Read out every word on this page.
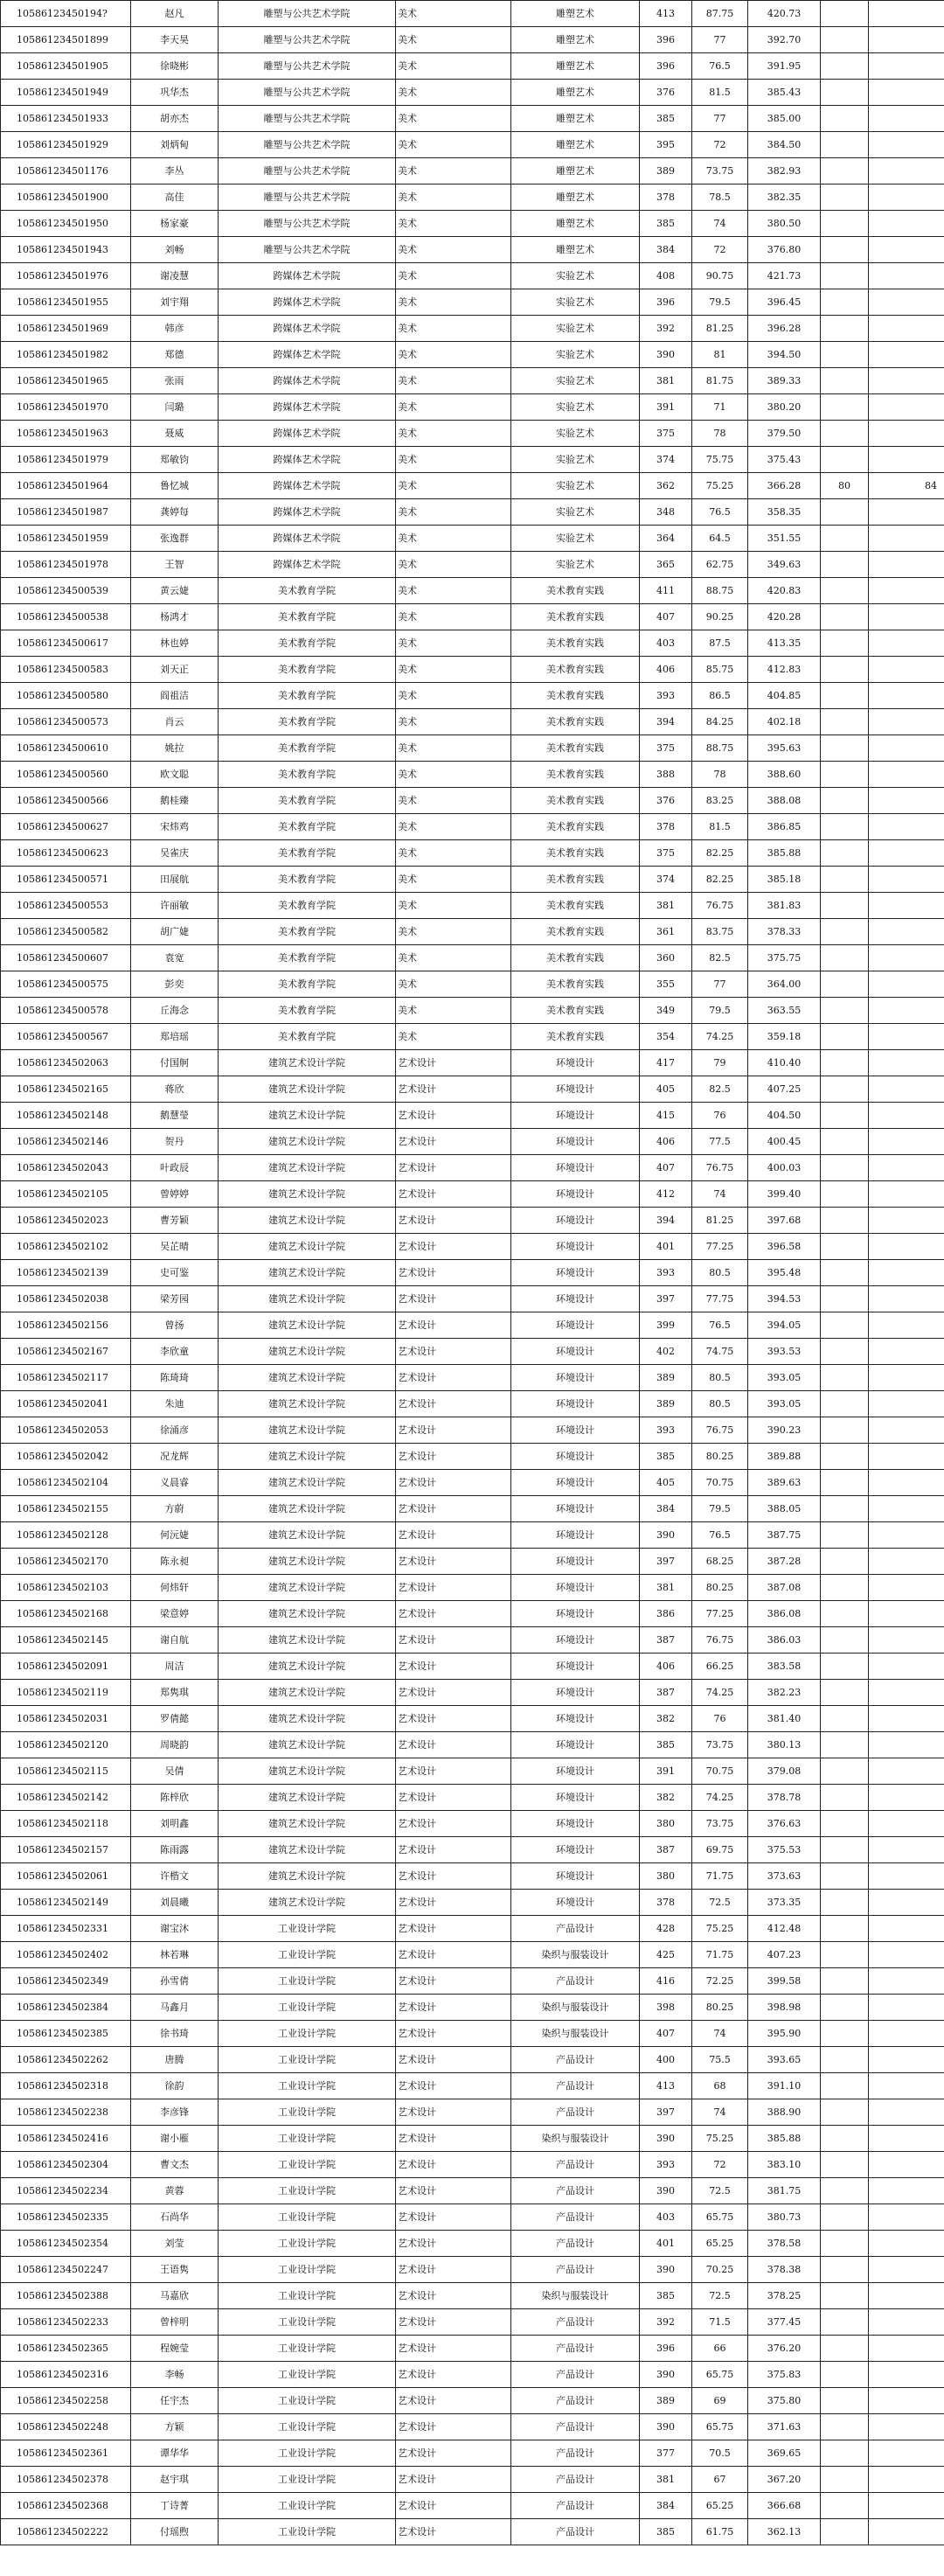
10586123450194?	赵凡	雕塑与公共艺术学院	美术	雕塑艺术	413	87.75	420.73		
105861234501899	李天昊	雕塑与公共艺术学院	美术	雕塑艺术	396	77	392.70		
105861234501905	徐晓彬	雕塑与公共艺术学院	美术	雕塑艺术	396	76.5	391.95		
105861234501949	巩华杰	雕塑与公共艺术学院	美术	雕塑艺术	376	81.5	385.43		
105861234501933	胡亦杰	雕塑与公共艺术学院	美术	雕塑艺术	385	77	385.00		
105861234501929	刘炳甸	雕塑与公共艺术学院	美术	雕塑艺术	395	72	384.50		
105861234501176	李丛	雕塑与公共艺术学院	美术	雕塑艺术	389	73.75	382.93		
105861234501900	高佳	雕塑与公共艺术学院	美术	雕塑艺术	378	78.5	382.35		
105861234501950	杨家豪	雕塑与公共艺术学院	美术	雕塑艺术	385	74	380.50		
105861234501943	刘畅	雕塑与公共艺术学院	美术	雕塑艺术	384	72	376.80		
105861234501976	谢凌慧	跨媒体艺术学院	美术	实验艺术	408	90.75	421.73		
105861234501955	刘宇翔	跨媒体艺术学院	美术	实验艺术	396	79.5	396.45		
105861234501969	韩彦	跨媒体艺术学院	美术	实验艺术	392	81.25	396.28		
105861234501982	郑德	跨媒体艺术学院	美术	实验艺术	390	81	394.50		
105861234501965	张雨	跨媒体艺术学院	美术	实验艺术	381	81.75	389.33		
105861234501970	闫璐	跨媒体艺术学院	美术	实验艺术	391	71	380.20		
105861234501963	聂威	跨媒体艺术学院	美术	实验艺术	375	78	379.50		
105861234501979	郑敏钧	跨媒体艺术学院	美术	实验艺术	374	75.75	375.43		
105861234501964	鲁忆城	跨媒体艺术学院	美术	实验艺术	362	75.25	366.28	80	84
105861234501987	龚婷每	跨媒体艺术学院	美术	实验艺术	348	76.5	358.35		
105861234501959	张逸群	跨媒体艺术学院	美术	实验艺术	364	64.5	351.55		
105861234501978	王智	跨媒体艺术学院	美术	实验艺术	365	62.75	349.63		
105861234500539	黄云婕	美术教育学院	美术	美术教育实践	411	88.75	420.83		
105861234500538	杨鸿才	美术教育学院	美术	美术教育实践	407	90.25	420.28		
105861234500617	林也婷	美术教育学院	美术	美术教育实践	403	87.5	413.35		
105861234500583	刘天正	美术教育学院	美术	美术教育实践	406	85.75	412.83		
105861234500580	阎祖洁	美术教育学院	美术	美术教育实践	393	86.5	404.85		
105861234500573	肖云	美术教育学院	美术	美术教育实践	394	84.25	402.18		
105861234500610	姚拉	美术教育学院	美术	美术教育实践	375	88.75	395.63		
105861234500560	欧文聪	美术教育学院	美术	美术教育实践	388	78	388.60		
105861234500566	鹅桂臻	美术教育学院	美术	美术教育实践	376	83.25	388.08		
105861234500627	宋炜鸡	美术教育学院	美术	美术教育实践	378	81.5	386.85		
105861234500623	吴雀庆	美术教育学院	美术	美术教育实践	375	82.25	385.88		
105861234500571	田展航	美术教育学院	美术	美术教育实践	374	82.25	385.18		
105861234500553	许丽敏	美术教育学院	美术	美术教育实践	381	76.75	381.83		
105861234500582	胡广婕	美术教育学院	美术	美术教育实践	361	83.75	378.33		
105861234500607	袁宽	美术教育学院	美术	美术教育实践	360	82.5	375.75		
105861234500575	彭奕	美术教育学院	美术	美术教育实践	355	77	364.00		
105861234500578	丘海念	美术教育学院	美术	美术教育实践	349	79.5	363.55		
105861234500567	郑培瑶	美术教育学院	美术	美术教育实践	354	74.25	359.18		
105861234502063	付国舸	建筑艺术设计学院	艺术设计	环境设计	417	79	410.40		
105861234502165	蒋欣	建筑艺术设计学院	艺术设计	环境设计	405	82.5	407.25		
105861234502148	鹅慧瑩	建筑艺术设计学院	艺术设计	环境设计	415	76	404.50		
105861234502146	贺丹	建筑艺术设计学院	艺术设计	环境设计	406	77.5	400.45		
105861234502043	叶政辰	建筑艺术设计学院	艺术设计	环境设计	407	76.75	400.03		
105861234502105	曾婷婷	建筑艺术设计学院	艺术设计	环境设计	412	74	399.40		
105861234502023	曹芳颖	建筑艺术设计学院	艺术设计	环境设计	394	81.25	397.68		
105861234502102	吴芷晴	建筑艺术设计学院	艺术设计	环境设计	401	77.25	396.58		
105861234502139	史可鉴	建筑艺术设计学院	艺术设计	环境设计	393	80.5	395.48		
105861234502038	梁芳园	建筑艺术设计学院	艺术设计	环境设计	397	77.75	394.53		
105861234502156	曾扬	建筑艺术设计学院	艺术设计	环境设计	399	76.5	394.05		
105861234502167	李欣童	建筑艺术设计学院	艺术设计	环境设计	402	74.75	393.53		
105861234502117	陈琦琦	建筑艺术设计学院	艺术设计	环境设计	389	80.5	393.05		
105861234502041	朱迪	建筑艺术设计学院	艺术设计	环境设计	389	80.5	393.05		
105861234502053	徐涌彦	建筑艺术设计学院	艺术设计	环境设计	393	76.75	390.23		
105861234502042	况龙辉	建筑艺术设计学院	艺术设计	环境设计	385	80.25	389.88		
105861234502104	义晨睿	建筑艺术设计学院	艺术设计	环境设计	405	70.75	389.63		
105861234502155	方蔚	建筑艺术设计学院	艺术设计	环境设计	384	79.5	388.05		
105861234502128	何沅婕	建筑艺术设计学院	艺术设计	环境设计	390	76.5	387.75		
105861234502170	陈永昶	建筑艺术设计学院	艺术设计	环境设计	397	68.25	387.28		
105861234502103	何炜轩	建筑艺术设计学院	艺术设计	环境设计	381	80.25	387.08		
105861234502168	梁意婷	建筑艺术设计学院	艺术设计	环境设计	386	77.25	386.08		
105861234502145	谢自航	建筑艺术设计学院	艺术设计	环境设计	387	76.75	386.03		
105861234502091	周洁	建筑艺术设计学院	艺术设计	环境设计	406	66.25	383.58		
105861234502119	郑隽琪	建筑艺术设计学院	艺术设计	环境设计	387	74.25	382.23		
105861234502031	罗倩懿	建筑艺术设计学院	艺术设计	环境设计	382	76	381.40		
105861234502120	周晓韵	建筑艺术设计学院	艺术设计	环境设计	385	73.75	380.13		
105861234502115	吴倩	建筑艺术设计学院	艺术设计	环境设计	391	70.75	379.08		
105861234502142	陈梓欣	建筑艺术设计学院	艺术设计	环境设计	382	74.25	378.78		
105861234502118	刘明鑫	建筑艺术设计学院	艺术设计	环境设计	380	73.75	376.63		
105861234502157	陈雨露	建筑艺术设计学院	艺术设计	环境设计	387	69.75	375.53		
105861234502061	许楷文	建筑艺术设计学院	艺术设计	环境设计	380	71.75	373.63		
105861234502149	刘晨曦	建筑艺术设计学院	艺术设计	环境设计	378	72.5	373.35		
105861234502331	谢宝沐	工业设计学院	艺术设计	产品设计	428	75.25	412.48		
105861234502402	林若琳	工业设计学院	艺术设计	染织与服装设计	425	71.75	407.23		
105861234502349	孙雪倩	工业设计学院	艺术设计	产品设计	416	72.25	399.58		
105861234502384	马鑫月	工业设计学院	艺术设计	染织与服装设计	398	80.25	398.98		
105861234502385	徐书琦	工业设计学院	艺术设计	染织与服装设计	407	74	395.90		
105861234502262	唐腾	工业设计学院	艺术设计	产品设计	400	75.5	393.65		
105861234502318	徐韵	工业设计学院	艺术设计	产品设计	413	68	391.10		
105861234502238	李彦锋	工业设计学院	艺术设计	产品设计	397	74	388.90		
105861234502416	谢小雁	工业设计学院	艺术设计	染织与服装设计	390	75.25	385.88		
105861234502304	曹文杰	工业设计学院	艺术设计	产品设计	393	72	383.10		
105861234502234	黄蓉	工业设计学院	艺术设计	产品设计	390	72.5	381.75		
105861234502335	石尚华	工业设计学院	艺术设计	产品设计	403	65.75	380.73		
105861234502354	刘莹	工业设计学院	艺术设计	产品设计	401	65.25	378.58		
105861234502247	王语隽	工业设计学院	艺术设计	产品设计	390	70.25	378.38		
105861234502388	马嘉欣	工业设计学院	艺术设计	染织与服装设计	385	72.5	378.25		
105861234502233	曾梓明	工业设计学院	艺术设计	产品设计	392	71.5	377.45		
105861234502365	程婉莹	工业设计学院	艺术设计	产品设计	396	66	376.20		
105861234502316	李畅	工业设计学院	艺术设计	产品设计	390	65.75	375.83		
105861234502258	任宇杰	工业设计学院	艺术设计	产品设计	389	69	375.80		
105861234502248	方颖	工业设计学院	艺术设计	产品设计	390	65.75	371.63		
105861234502361	谭华华	工业设计学院	艺术设计	产品设计	377	70.5	369.65		
105861234502378	赵宇琪	工业设计学院	艺术设计	产品设计	381	67	367.20		
105861234502368	丁诗菁	工业设计学院	艺术设计	产品设计	384	65.25	366.68		
105861234502222	付瑶煦	工业设计学院	艺术设计	产品设计	385	61.75	362.13		
